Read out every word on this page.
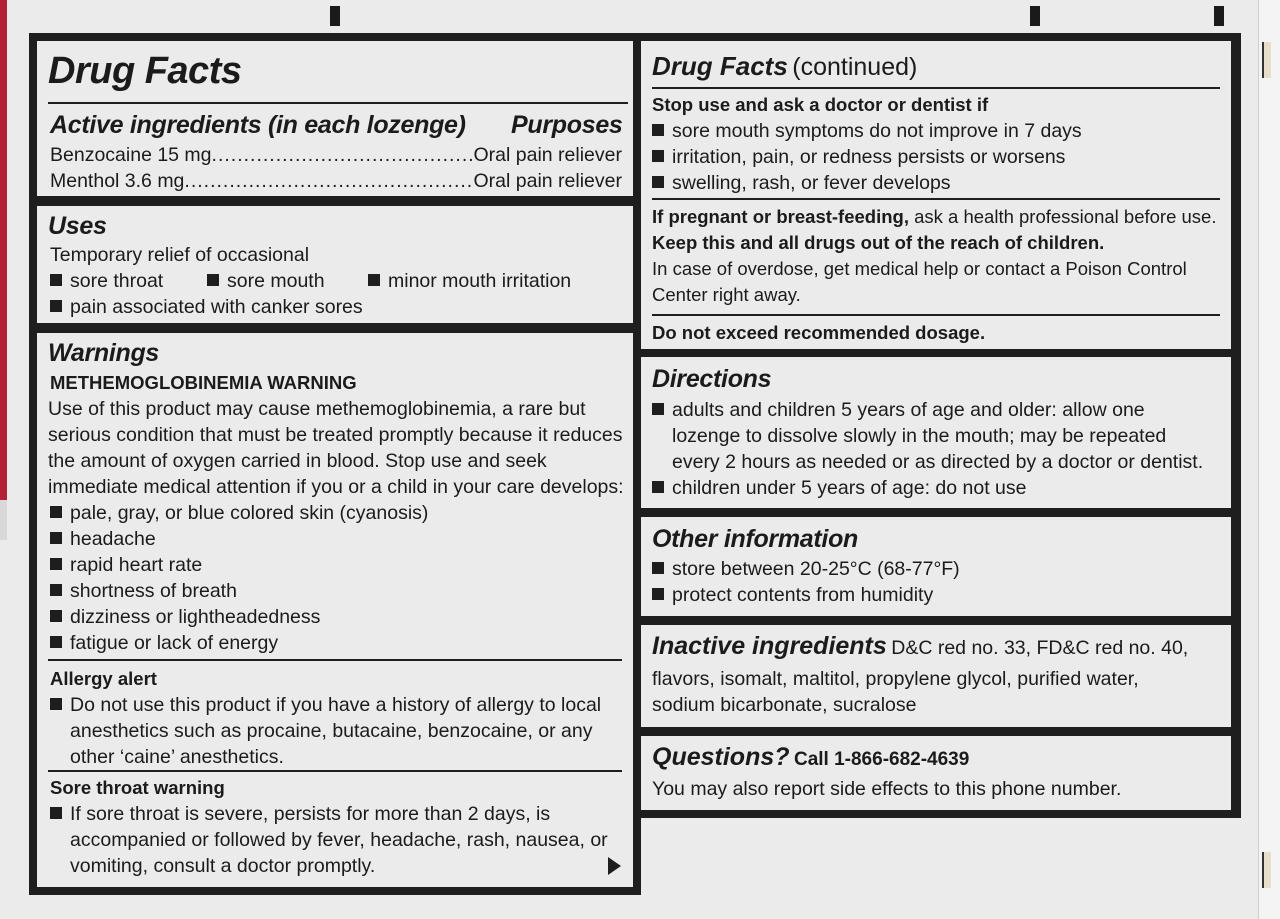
Drug Facts
Active ingredients (in each lozenge) Purposes
Benzocaine 15 mg .....	Oral pain reliever
Menthol 3.6 mg .....	Oral pain reliever
Uses
Temporary relief of occasional
sore throat	sore mouth	minor mouth irritation
pain associated with canker sores
Warnings
METHEMOGLOBINEMIA WARNING
Use of this product may cause methemoglobinemia, a rare but
serious condition that must be treated promptly because it reduces
the amount of oxygen carried in blood. Stop use and seek
immediate medical attention if you or a child in your care develops:
pale, gray, or blue colored skin (cyanosis)
headache
rapid heart rate
shortness of breath
dizziness or lightheadedness
fatigue or lack of energy
Allergy alert
Do not use this product if you have a history of allergy to local
anesthetics such as procaine, butacaine, benzocaine, or any
other ‘caine’ anesthetics.
Sore throat warning
If sore throat is severe, persists for more than 2 days, is
accompanied or followed by fever, headache, rash, nausea, or
vomiting, consult a doctor promptly.
Drug Facts (continued)
Stop use and ask a doctor or dentist if
sore mouth symptoms do not improve in 7 days
irritation, pain, or redness persists or worsens
swelling, rash, or fever develops
If pregnant or breast-feeding, ask a health professional before use.
Keep this and all drugs out of the reach of children.
In case of overdose, get medical help or contact a Poison Control
Center right away.
Do not exceed recommended dosage.
Directions
adults and children 5 years of age and older: allow one
lozenge to dissolve slowly in the mouth; may be repeated
every 2 hours as needed or as directed by a doctor or dentist.
children under 5 years of age: do not use
Other information
store between 20-25°C (68-77°F)
protect contents from humidity
Inactive ingredients D&C red no. 33, FD&C red no. 40,
flavors, isomalt, maltitol, propylene glycol, purified water,
sodium bicarbonate, sucralose
Questions? Call 1-866-682-4639
You may also report side effects to this phone number.
